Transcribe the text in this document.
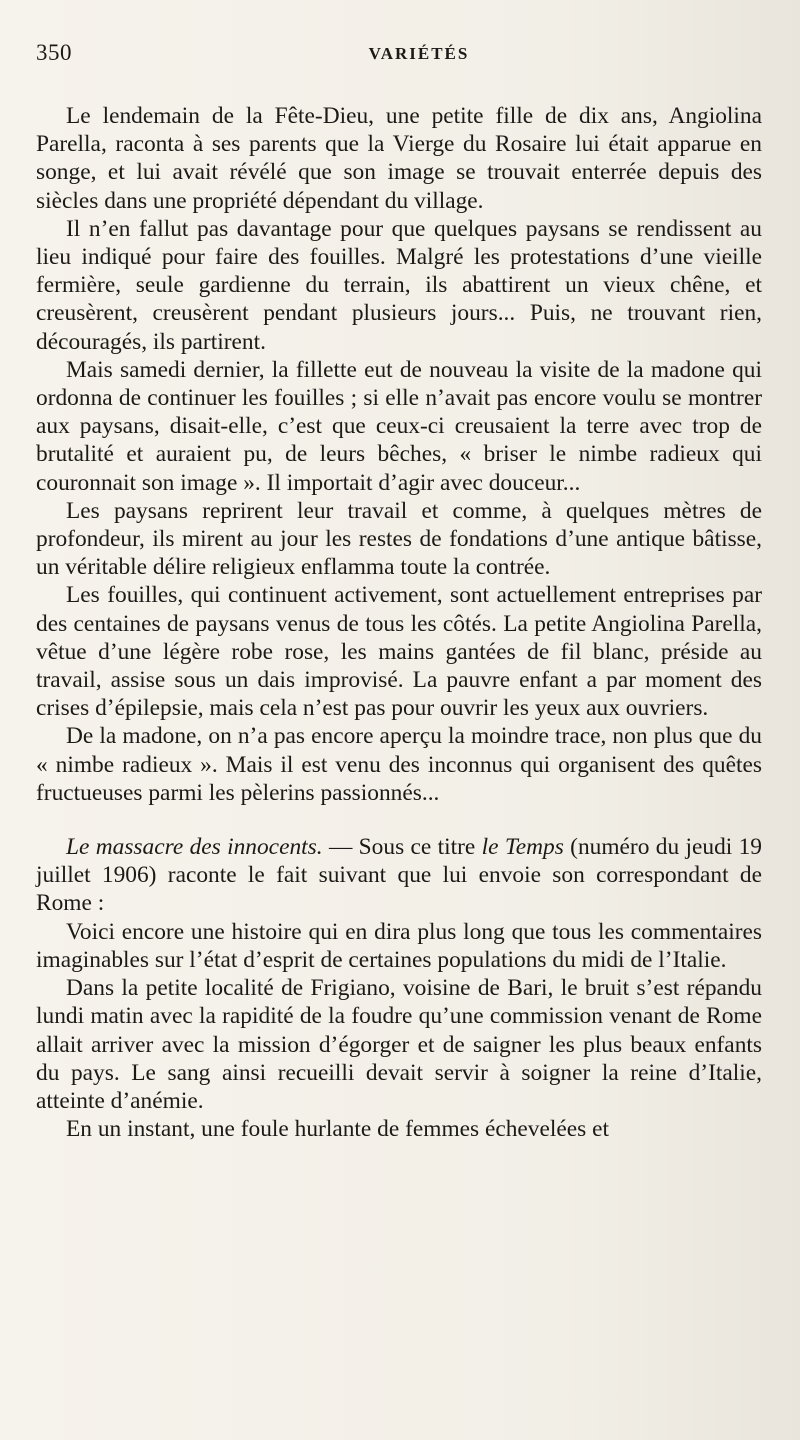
350	VARIÉTÉS

Le lendemain de la Fête-Dieu, une petite fille de dix ans, Angiolina Parella, raconta à ses parents que la Vierge du Rosaire lui était apparue en songe, et lui avait révélé que son image se trouvait enterrée depuis des siècles dans une propriété dépendant du village.

Il n’en fallut pas davantage pour que quelques paysans se rendissent au lieu indiqué pour faire des fouilles. Malgré les protestations d’une vieille fermière, seule gardienne du terrain, ils abattirent un vieux chêne, et creusèrent, creusèrent pendant plusieurs jours... Puis, ne trouvant rien, découragés, ils partirent.

Mais samedi dernier, la fillette eut de nouveau la visite de la madone qui ordonna de continuer les fouilles ; si elle n’avait pas encore voulu se montrer aux paysans, disait-elle, c’est que ceux-ci creusaient la terre avec trop de brutalité et auraient pu, de leurs bêches, « briser le nimbe radieux qui couronnait son image ». Il importait d’agir avec douceur...

Les paysans reprirent leur travail et comme, à quelques mètres de profondeur, ils mirent au jour les restes de fondations d’une antique bâtisse, un véritable délire religieux enflamma toute la contrée.

Les fouilles, qui continuent activement, sont actuellement entreprises par des centaines de paysans venus de tous les côtés. La petite Angiolina Parella, vêtue d’une légère robe rose, les mains gantées de fil blanc, préside au travail, assise sous un dais improvisé. La pauvre enfant a par moment des crises d’épilepsie, mais cela n’est pas pour ouvrir les yeux aux ouvriers.

De la madone, on n’a pas encore aperçu la moindre trace, non plus que du « nimbe radieux ». Mais il est venu des inconnus qui organisent des quêtes fructueuses parmi les pèlerins passionnés...

Le massacre des innocents. — Sous ce titre le Temps (numéro du jeudi 19 juillet 1906) raconte le fait suivant que lui envoie son correspondant de Rome :

Voici encore une histoire qui en dira plus long que tous les commentaires imaginables sur l’état d’esprit de certaines populations du midi de l’Italie.

Dans la petite localité de Frigiano, voisine de Bari, le bruit s’est répandu lundi matin avec la rapidité de la foudre qu’une commission venant de Rome allait arriver avec la mission d’égorger et de saigner les plus beaux enfants du pays. Le sang ainsi recueilli devait servir à soigner la reine d’Italie, atteinte d’anémie.

En un instant, une foule hurlante de femmes échevelées et
